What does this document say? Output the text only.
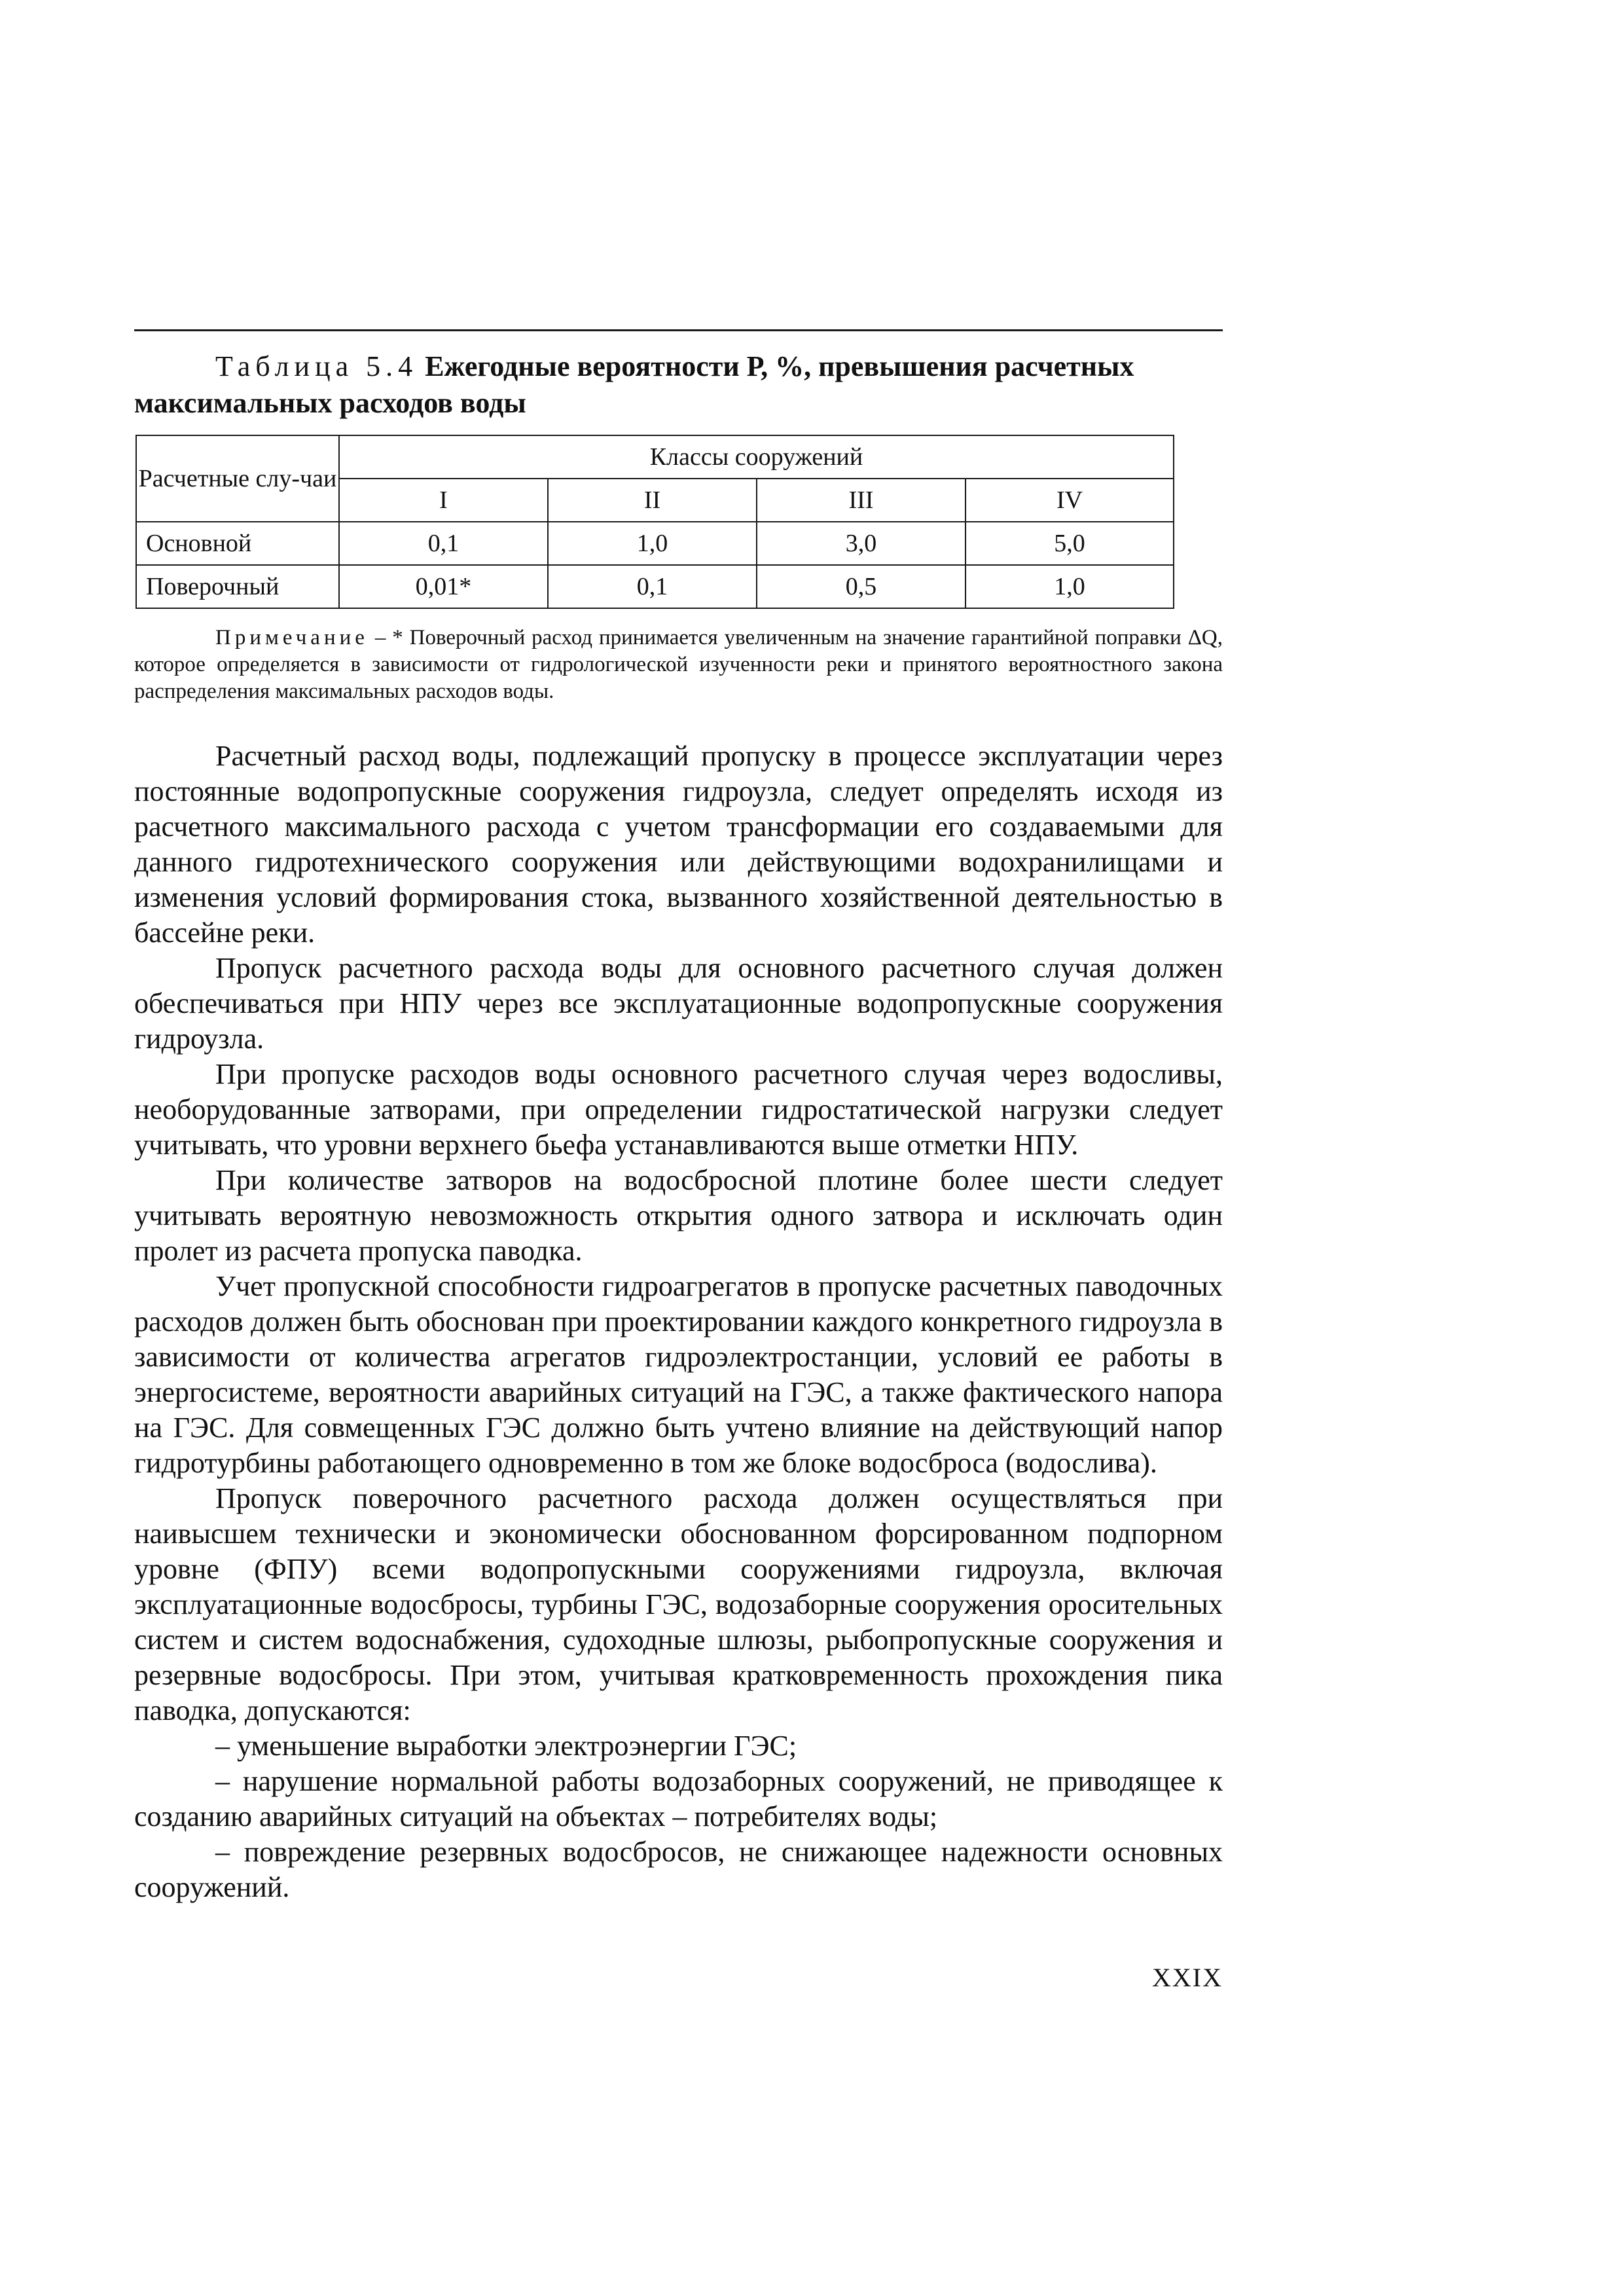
Таблица 5.4 Ежегодные вероятности Р, %, превышения расчетных максимальных расходов воды
Расчетные слу-чаи	Классы сооружений			
	I	II	III	IV
Основной	0,1	1,0	3,0	5,0
Поверочный	0,01*	0,1	0,5	1,0
Примечание – * Поверочный расход принимается увеличенным на значение гарантийной поправки ΔQ, которое определяется в зависимости от гидрологической изученности реки и принятого вероятностного закона распределения максимальных расходов воды.

Расчетный расход воды, подлежащий пропуску в процессе эксплуатации через постоянные водопропускные сооружения гидроузла, следует определять исходя из расчетного максимального расхода с учетом трансформации его создаваемыми для данного гидротехнического сооружения или действующими водохранилищами и изменения условий формирования стока, вызванного хозяйственной деятельностью в бассейне реки.

Пропуск расчетного расхода воды для основного расчетного случая должен обеспечиваться при НПУ через все эксплуатационные водопропускные сооружения гидроузла.

При пропуске расходов воды основного расчетного случая через водосливы, необорудованные затворами, при определении гидростатической нагрузки следует учитывать, что уровни верхнего бьефа устанавливаются выше отметки НПУ.

При количестве затворов на водосбросной плотине более шести следует учитывать вероятную невозможность открытия одного затвора и исключать один пролет из расчета пропуска паводка.

Учет пропускной способности гидроагрегатов в пропуске расчетных паводочных расходов должен быть обоснован при проектировании каждого конкретного гидроузла в зависимости от количества агрегатов гидроэлектростанции, условий ее работы в энергосистеме, вероятности аварийных ситуаций на ГЭС, а также фактического напора на ГЭС. Для совмещенных ГЭС должно быть учтено влияние на действующий напор гидротурбины работающего одновременно в том же блоке водосброса (водослива).

Пропуск поверочного расчетного расхода должен осуществляться при наивысшем технически и экономически обоснованном форсированном подпорном уровне (ФПУ) всеми водопропускными сооружениями гидроузла, включая эксплуатационные водосбросы, турбины ГЭС, водозаборные сооружения оросительных систем и систем водоснабжения, судоходные шлюзы, рыбопропускные сооружения и резервные водосбросы. При этом, учитывая кратковременность прохождения пика паводка, допускаются:

– уменьшение выработки электроэнергии ГЭС;

– нарушение нормальной работы водозаборных сооружений, не приводящее к созданию аварийных ситуаций на объектах – потребителях воды;

– повреждение резервных водосбросов, не снижающее надежности основных сооружений.

XXIX
